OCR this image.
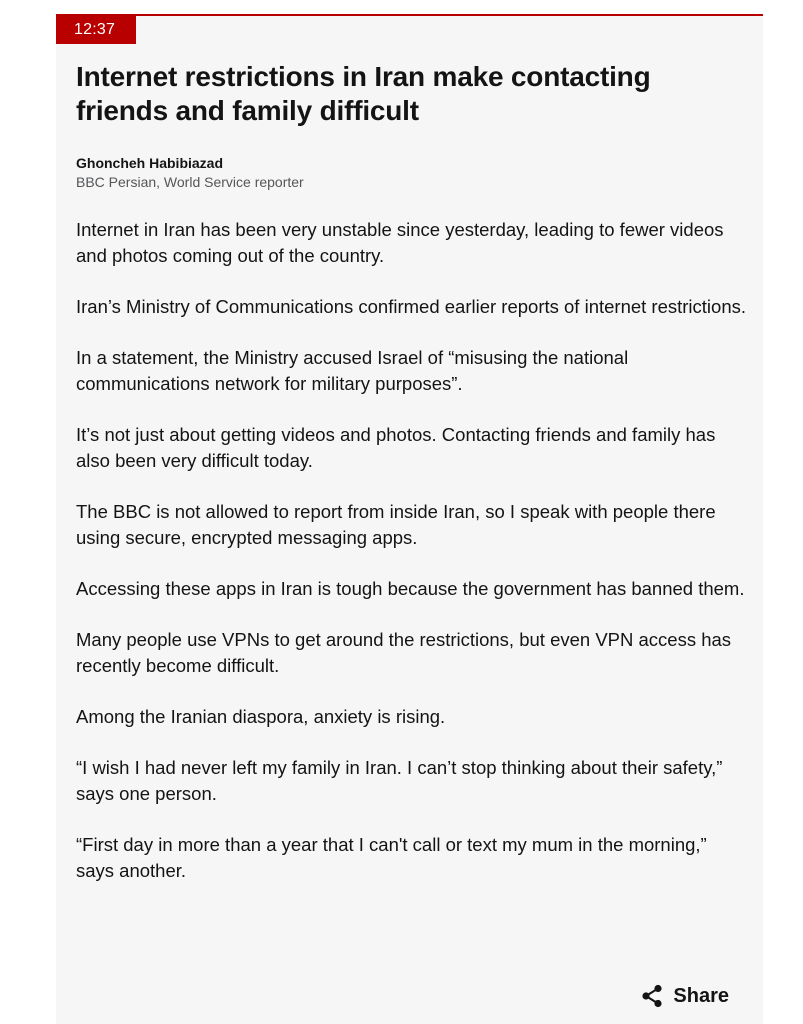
12:37
Internet restrictions in Iran make contacting friends and family difficult
Ghoncheh Habibiazad
BBC Persian, World Service reporter

Internet in Iran has been very unstable since yesterday, leading to fewer videos and photos coming out of the country.

Iran’s Ministry of Communications confirmed earlier reports of internet restrictions.

In a statement, the Ministry accused Israel of “misusing the national communications network for military purposes”.

It’s not just about getting videos and photos. Contacting friends and family has also been very difficult today.

The BBC is not allowed to report from inside Iran, so I speak with people there using secure, encrypted messaging apps.

Accessing these apps in Iran is tough because the government has banned them.

Many people use VPNs to get around the restrictions, but even VPN access has recently become difficult.

Among the Iranian diaspora, anxiety is rising.

“I wish I had never left my family in Iran. I can’t stop thinking about their safety,” says one person.

“First day in more than a year that I can't call or text my mum in the morning,” says another.

Share
